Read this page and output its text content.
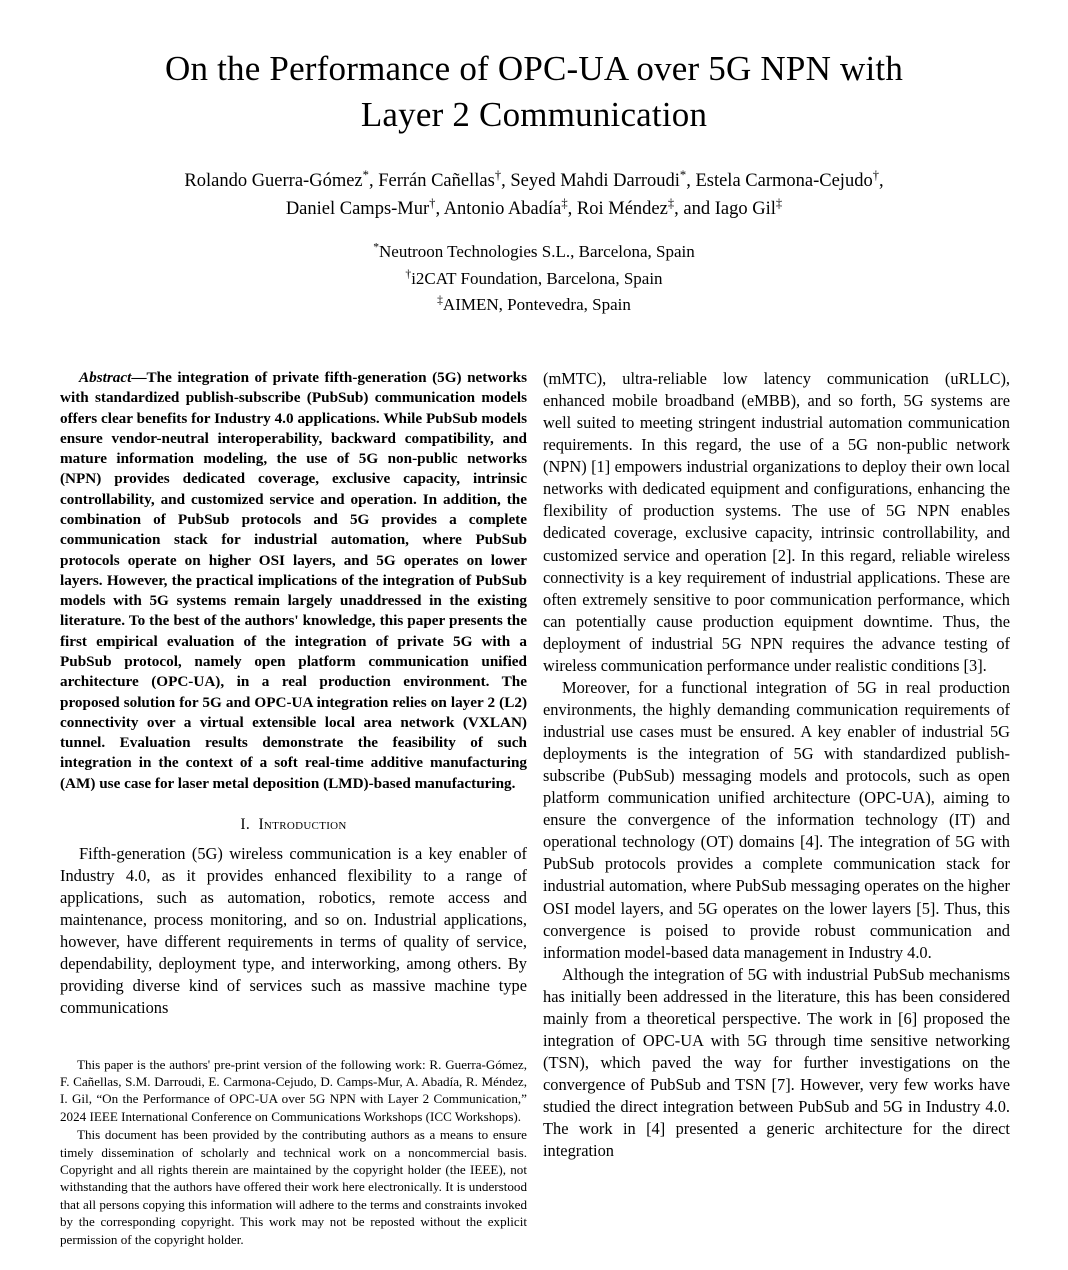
On the Performance of OPC-UA over 5G NPN with
Layer 2 Communication
Rolando Guerra-Gómez*, Ferrán Cañellas†, Seyed Mahdi Darroudi*, Estela Carmona-Cejudo†,
Daniel Camps-Mur†, Antonio Abadía‡, Roi Méndez‡, and Iago Gil‡
*Neutroon Technologies S.L., Barcelona, Spain
†i2CAT Foundation, Barcelona, Spain
‡AIMEN, Pontevedra, Spain

Abstract—The integration of private fifth-generation (5G) networks with standardized publish-subscribe (PubSub) communication models offers clear benefits for Industry 4.0 applications. While PubSub models ensure vendor-neutral interoperability, backward compatibility, and mature information modeling, the use of 5G non-public networks (NPN) provides dedicated coverage, exclusive capacity, intrinsic controllability, and customized service and operation. In addition, the combination of PubSub protocols and 5G provides a complete communication stack for industrial automation, where PubSub protocols operate on higher OSI layers, and 5G operates on lower layers. However, the practical implications of the integration of PubSub models with 5G systems remain largely unaddressed in the existing literature. To the best of the authors' knowledge, this paper presents the first empirical evaluation of the integration of private 5G with a PubSub protocol, namely open platform communication unified architecture (OPC-UA), in a real production environment. The proposed solution for 5G and OPC-UA integration relies on layer 2 (L2) connectivity over a virtual extensible local area network (VXLAN) tunnel. Evaluation results demonstrate the feasibility of such integration in the context of a soft real-time additive manufacturing (AM) use case for laser metal deposition (LMD)-based manufacturing.

I. Introduction

Fifth-generation (5G) wireless communication is a key enabler of Industry 4.0, as it provides enhanced flexibility to a range of applications, such as automation, robotics, remote access and maintenance, process monitoring, and so on. Industrial applications, however, have different requirements in terms of quality of service, dependability, deployment type, and interworking, among others. By providing diverse kind of services such as massive machine type communications

This paper is the authors' pre-print version of the following work: R. Guerra-Gómez, F. Cañellas, S.M. Darroudi, E. Carmona-Cejudo, D. Camps-Mur, A. Abadía, R. Méndez, I. Gil, “On the Performance of OPC-UA over 5G NPN with Layer 2 Communication,” 2024 IEEE International Conference on Communications Workshops (ICC Workshops).

This document has been provided by the contributing authors as a means to ensure timely dissemination of scholarly and technical work on a noncommercial basis. Copyright and all rights therein are maintained by the copyright holder (the IEEE), not withstanding that the authors have offered their work here electronically. It is understood that all persons copying this information will adhere to the terms and constraints invoked by the corresponding copyright. This work may not be reposted without the explicit permission of the copyright holder.

(mMTC), ultra-reliable low latency communication (uRLLC), enhanced mobile broadband (eMBB), and so forth, 5G systems are well suited to meeting stringent industrial automation communication requirements. In this regard, the use of a 5G non-public network (NPN) [1] empowers industrial organizations to deploy their own local networks with dedicated equipment and configurations, enhancing the flexibility of production systems. The use of 5G NPN enables dedicated coverage, exclusive capacity, intrinsic controllability, and customized service and operation [2]. In this regard, reliable wireless connectivity is a key requirement of industrial applications. These are often extremely sensitive to poor communication performance, which can potentially cause production equipment downtime. Thus, the deployment of industrial 5G NPN requires the advance testing of wireless communication performance under realistic conditions [3].

Moreover, for a functional integration of 5G in real production environments, the highly demanding communication requirements of industrial use cases must be ensured. A key enabler of industrial 5G deployments is the integration of 5G with standardized publish-subscribe (PubSub) messaging models and protocols, such as open platform communication unified architecture (OPC-UA), aiming to ensure the convergence of the information technology (IT) and operational technology (OT) domains [4]. The integration of 5G with PubSub protocols provides a complete communication stack for industrial automation, where PubSub messaging operates on the higher OSI model layers, and 5G operates on the lower layers [5]. Thus, this convergence is poised to provide robust communication and information model-based data management in Industry 4.0.

Although the integration of 5G with industrial PubSub mechanisms has initially been addressed in the literature, this has been considered mainly from a theoretical perspective. The work in [6] proposed the integration of OPC-UA with 5G through time sensitive networking (TSN), which paved the way for further investigations on the convergence of PubSub and TSN [7]. However, very few works have studied the direct integration between PubSub and 5G in Industry 4.0. The work in [4] presented a generic architecture for the direct integration
